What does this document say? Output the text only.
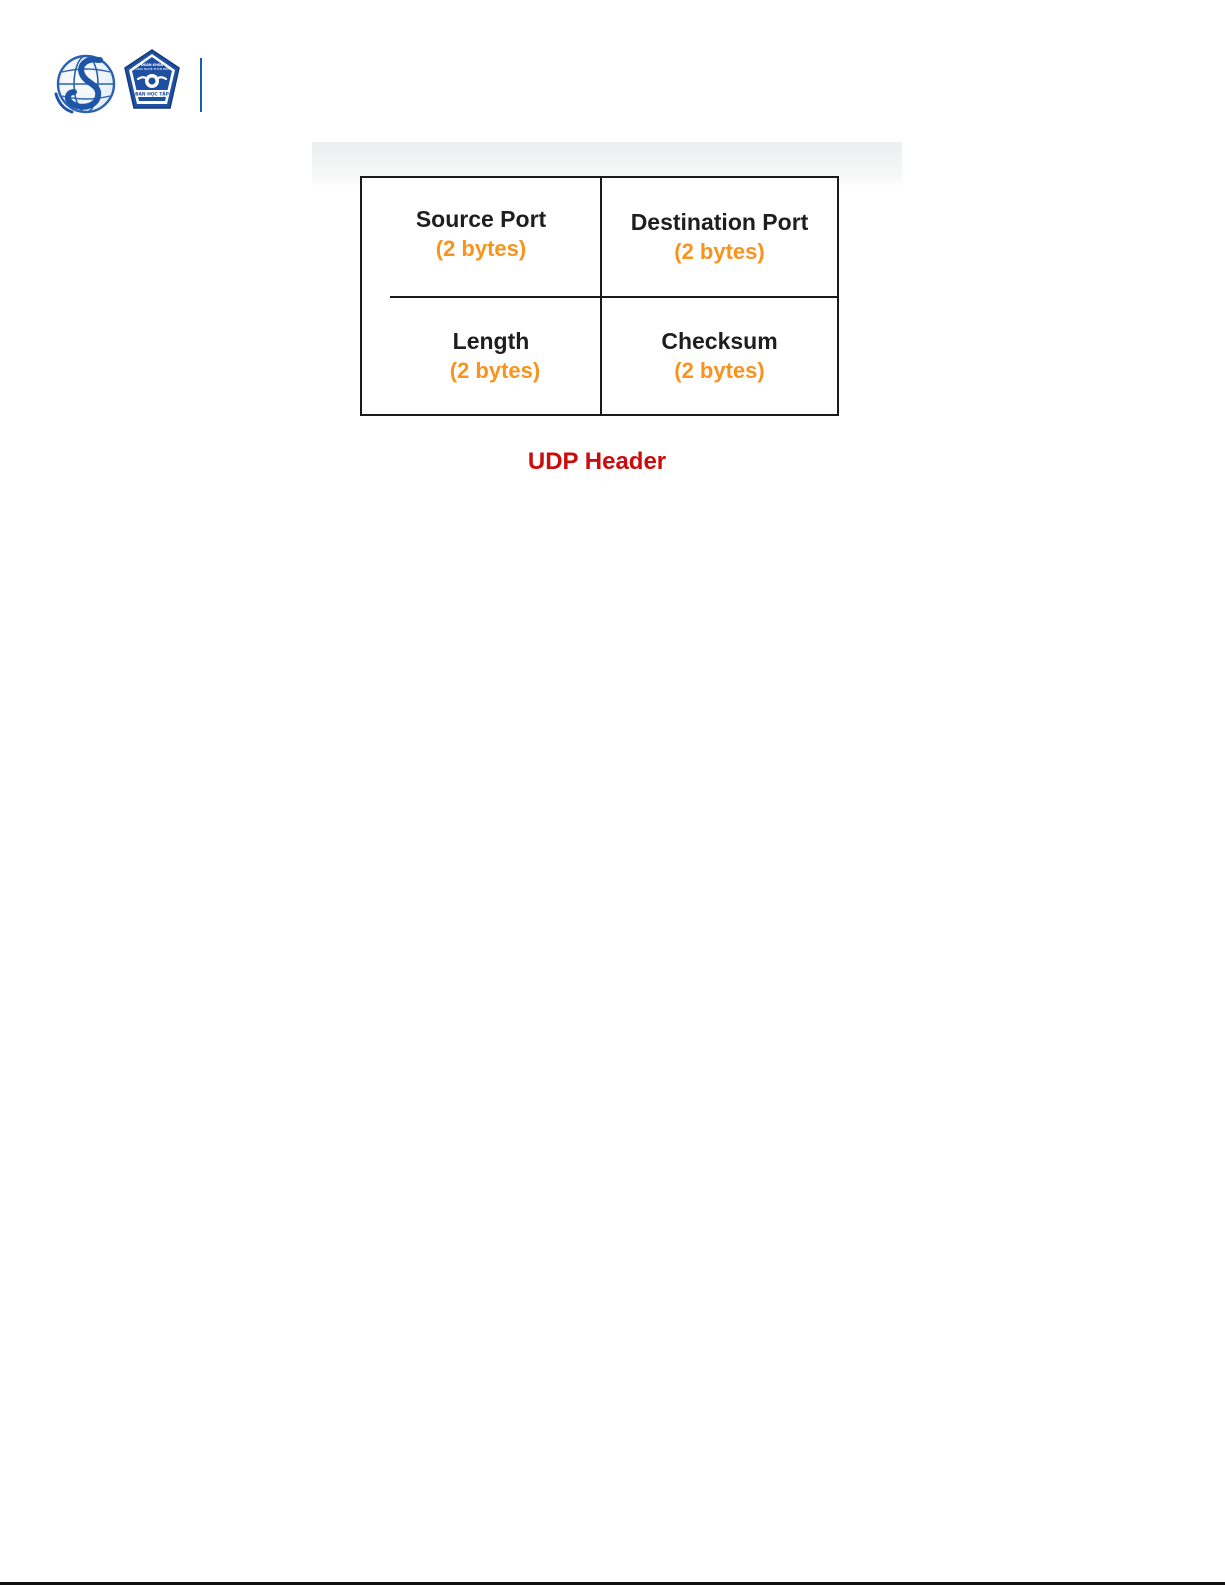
ĐOÀN KHOA
CÔNG NGHỆ PHẦN MỀM
BAN HỌC TẬP
Source Port
(2 bytes)
Destination Port
(2 bytes)
Length
(2 bytes)
Checksum
(2 bytes)
UDP Header
